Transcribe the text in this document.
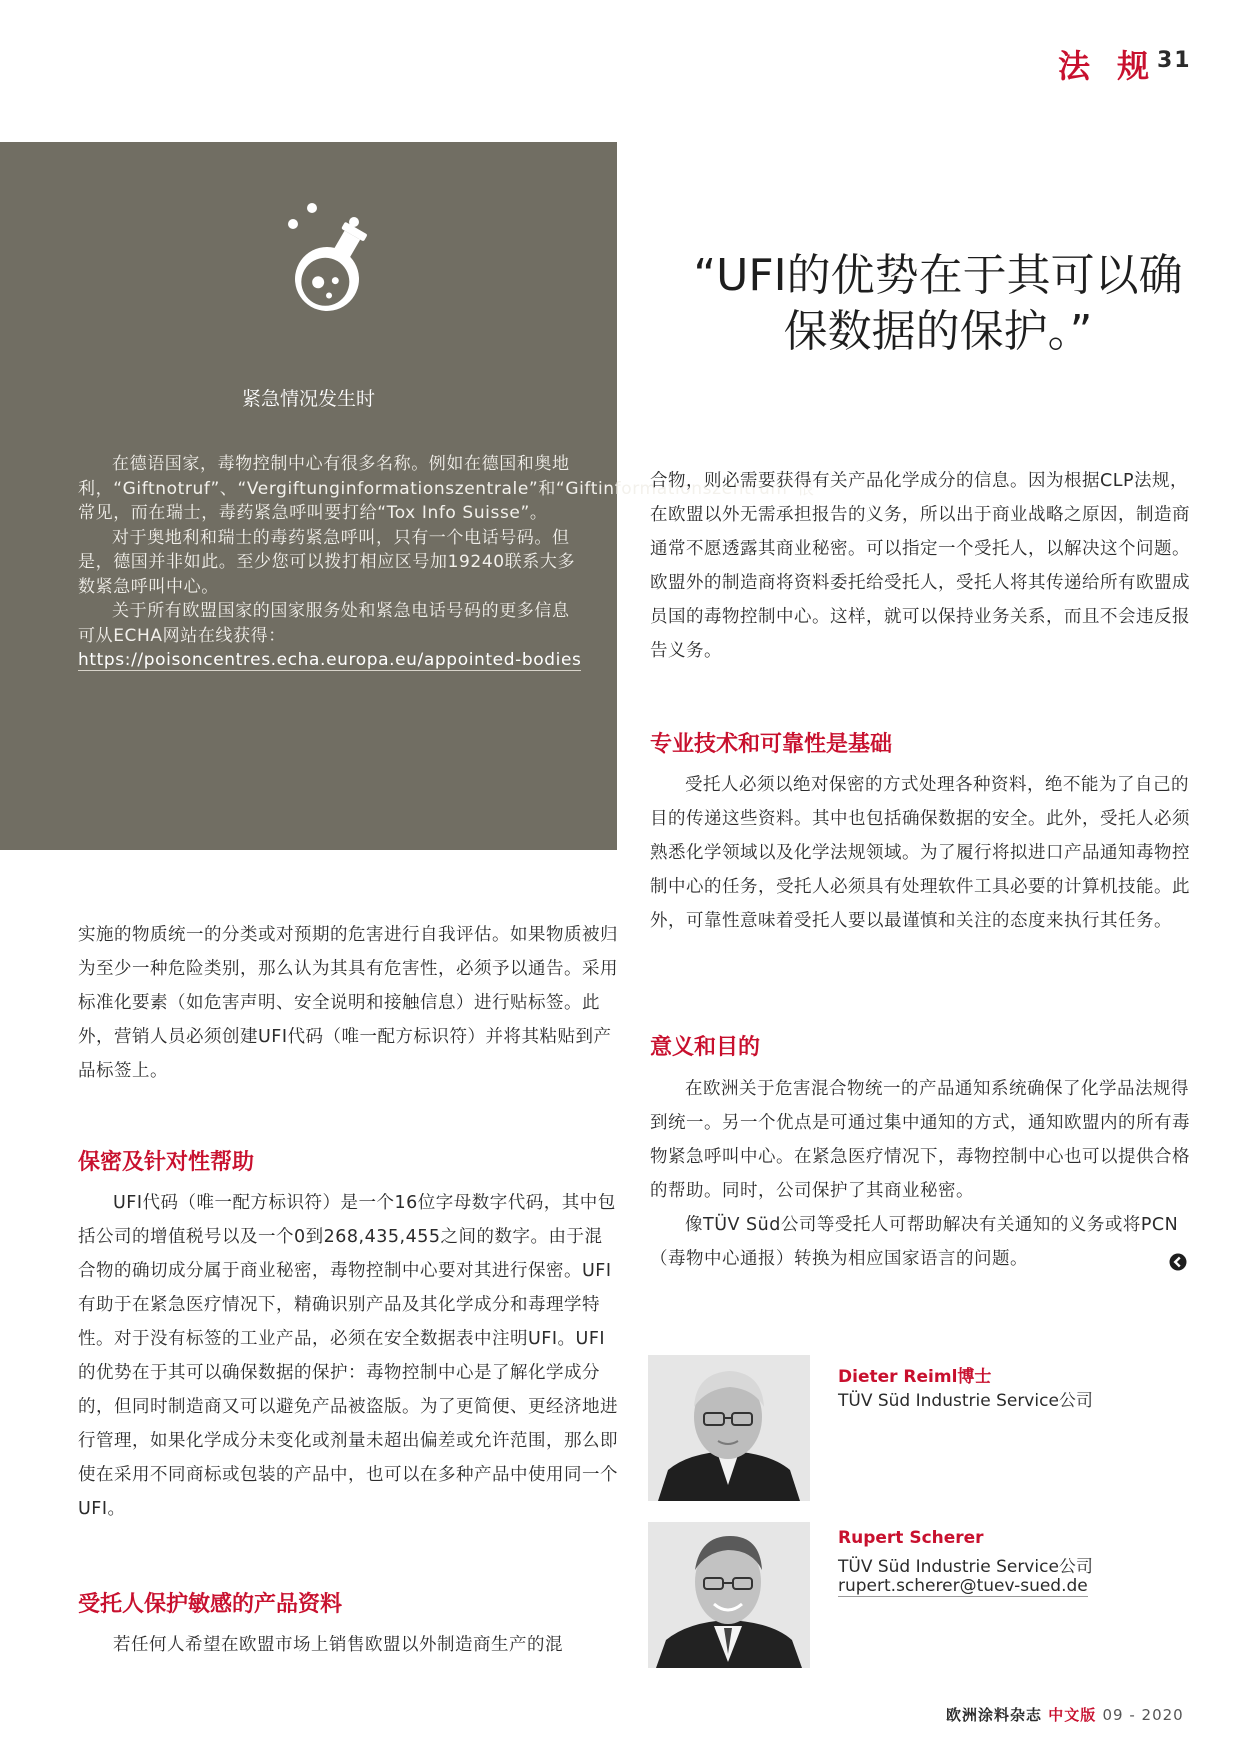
法 规 31
紧急情况发生时

在德语国家，毒物控制中心有很多名称。例如在德国和奥地利，“Giftnotruf”、“Vergiftunginformationszentrale”和“Giftinformationszentrum”很常见，而在瑞士，毒药紧急呼叫要打给“Tox Info Suisse”。

对于奥地利和瑞士的毒药紧急呼叫，只有一个电话号码。但是，德国并非如此。至少您可以拨打相应区号加19240联系大多数紧急呼叫中心。

关于所有欧盟国家的国家服务处和紧急电话号码的更多信息可从ECHA网站在线获得：https://poisoncentres.echa.europa.eu/appointed-bodies

“UFI的优势在于其可以确
保数据的保护。”

实施的物质统一的分类或对预期的危害进行自我评估。如果物质被归为至少一种危险类别，那么认为其具有危害性，必须予以通告。采用标准化要素（如危害声明、安全说明和接触信息）进行贴标签。此外，营销人员必须创建UFI代码（唯一配方标识符）并将其粘贴到产品标签上。

保密及针对性帮助

UFI代码（唯一配方标识符）是一个16位字母数字代码，其中包括公司的增值税号以及一个0到268,435,455之间的数字。由于混合物的确切成分属于商业秘密，毒物控制中心要对其进行保密。UFI有助于在紧急医疗情况下，精确识别产品及其化学成分和毒理学特性。对于没有标签的工业产品，必须在安全数据表中注明UFI。UFI的优势在于其可以确保数据的保护：毒物控制中心是了解化学成分的，但同时制造商又可以避免产品被盗版。为了更简便、更经济地进行管理，如果化学成分未变化或剂量未超出偏差或允许范围，那么即使在采用不同商标或包装的产品中，也可以在多种产品中使用同一个UFI。

受托人保护敏感的产品资料

若任何人希望在欧盟市场上销售欧盟以外制造商生产的混

合物，则必需要获得有关产品化学成分的信息。因为根据CLP法规，在欧盟以外无需承担报告的义务，所以出于商业战略之原因，制造商通常不愿透露其商业秘密。可以指定一个受托人，以解决这个问题。欧盟外的制造商将资料委托给受托人，受托人将其传递给所有欧盟成员国的毒物控制中心。这样，就可以保持业务关系，而且不会违反报告义务。

专业技术和可靠性是基础

受托人必须以绝对保密的方式处理各种资料，绝不能为了自己的目的传递这些资料。其中也包括确保数据的安全。此外，受托人必须熟悉化学领域以及化学法规领域。为了履行将拟进口产品通知毒物控制中心的任务，受托人必须具有处理软件工具必要的计算机技能。此外，可靠性意味着受托人要以最谨慎和关注的态度来执行其任务。

意义和目的

在欧洲关于危害混合物统一的产品通知系统确保了化学品法规得到统一。另一个优点是可通过集中通知的方式，通知欧盟内的所有毒物紧急呼叫中心。在紧急医疗情况下，毒物控制中心也可以提供合格的帮助。同时，公司保护了其商业秘密。

像TÜV Süd公司等受托人可帮助解决有关通知的义务或将PCN（毒物中心通报）转换为相应国家语言的问题。

Dieter Reiml博士
TÜV Süd Industrie Service公司
Rupert Scherer
TÜV Süd Industrie Service公司
rupert.scherer@tuev-sued.de
欧洲涂料杂志 中文版 09 - 2020
